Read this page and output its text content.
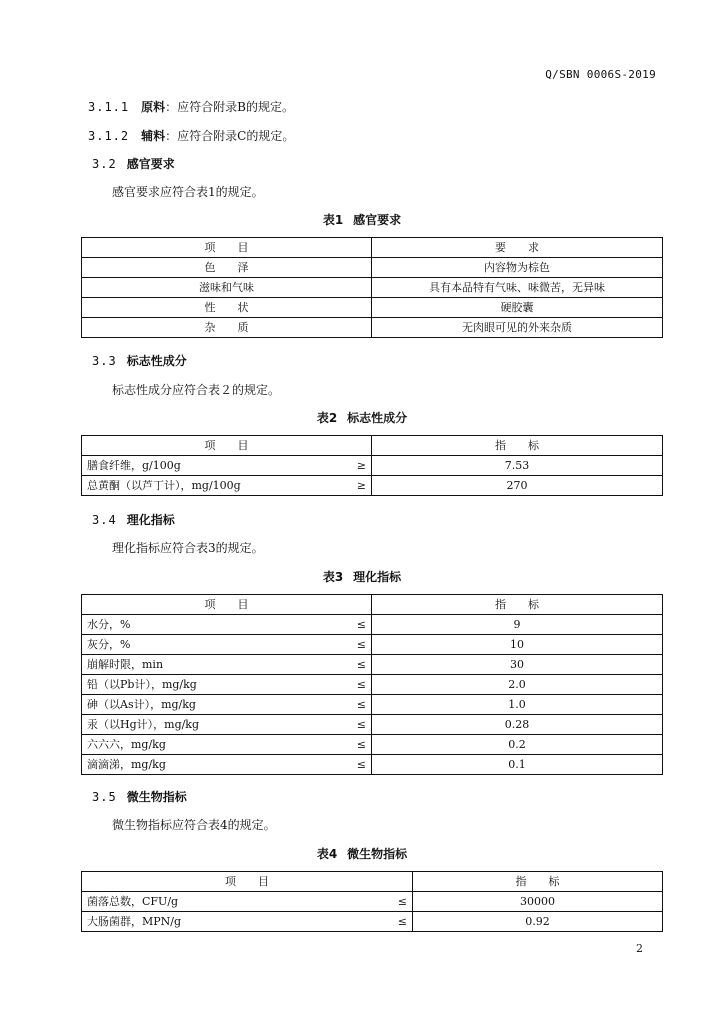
Q/SBN 0006S-2019
3.1.1 原料：应符合附录B的规定。
3.1.2 辅料：应符合附录C的规定。
3.2 感官要求
感官要求应符合表1的规定。
表1 感官要求
项　　目	要　　求
色　　泽	内容物为棕色
滋味和气味	具有本品特有气味、味微苦，无异味
性　　状	硬胶囊
杂　　质	无肉眼可见的外来杂质
3.3 标志性成分
标志性成分应符合表２的规定。
表2 标志性成分
项　　目	指　　标

膳食纤维，g/100g ≥	7.53

总黄酮（以芦丁计），mg/100g ≥	270
3.4 理化指标
理化指标应符合表3的规定。
表3 理化指标
项　　目	指　　标

水分，% ≤	9

灰分，% ≤	10

崩解时限，min ≤	30

铅（以Pb计），mg/kg ≤	2.0

砷（以As计），mg/kg ≤	1.0

汞（以Hg计），mg/kg ≤	0.28

六六六，mg/kg ≤	0.2

滴滴涕，mg/kg ≤	0.1
3.5 微生物指标
微生物指标应符合表4的规定。
表4 微生物指标
项　　目	指　　标

菌落总数，CFU/g ≤	30000

大肠菌群，MPN/g ≤	0.92
2
